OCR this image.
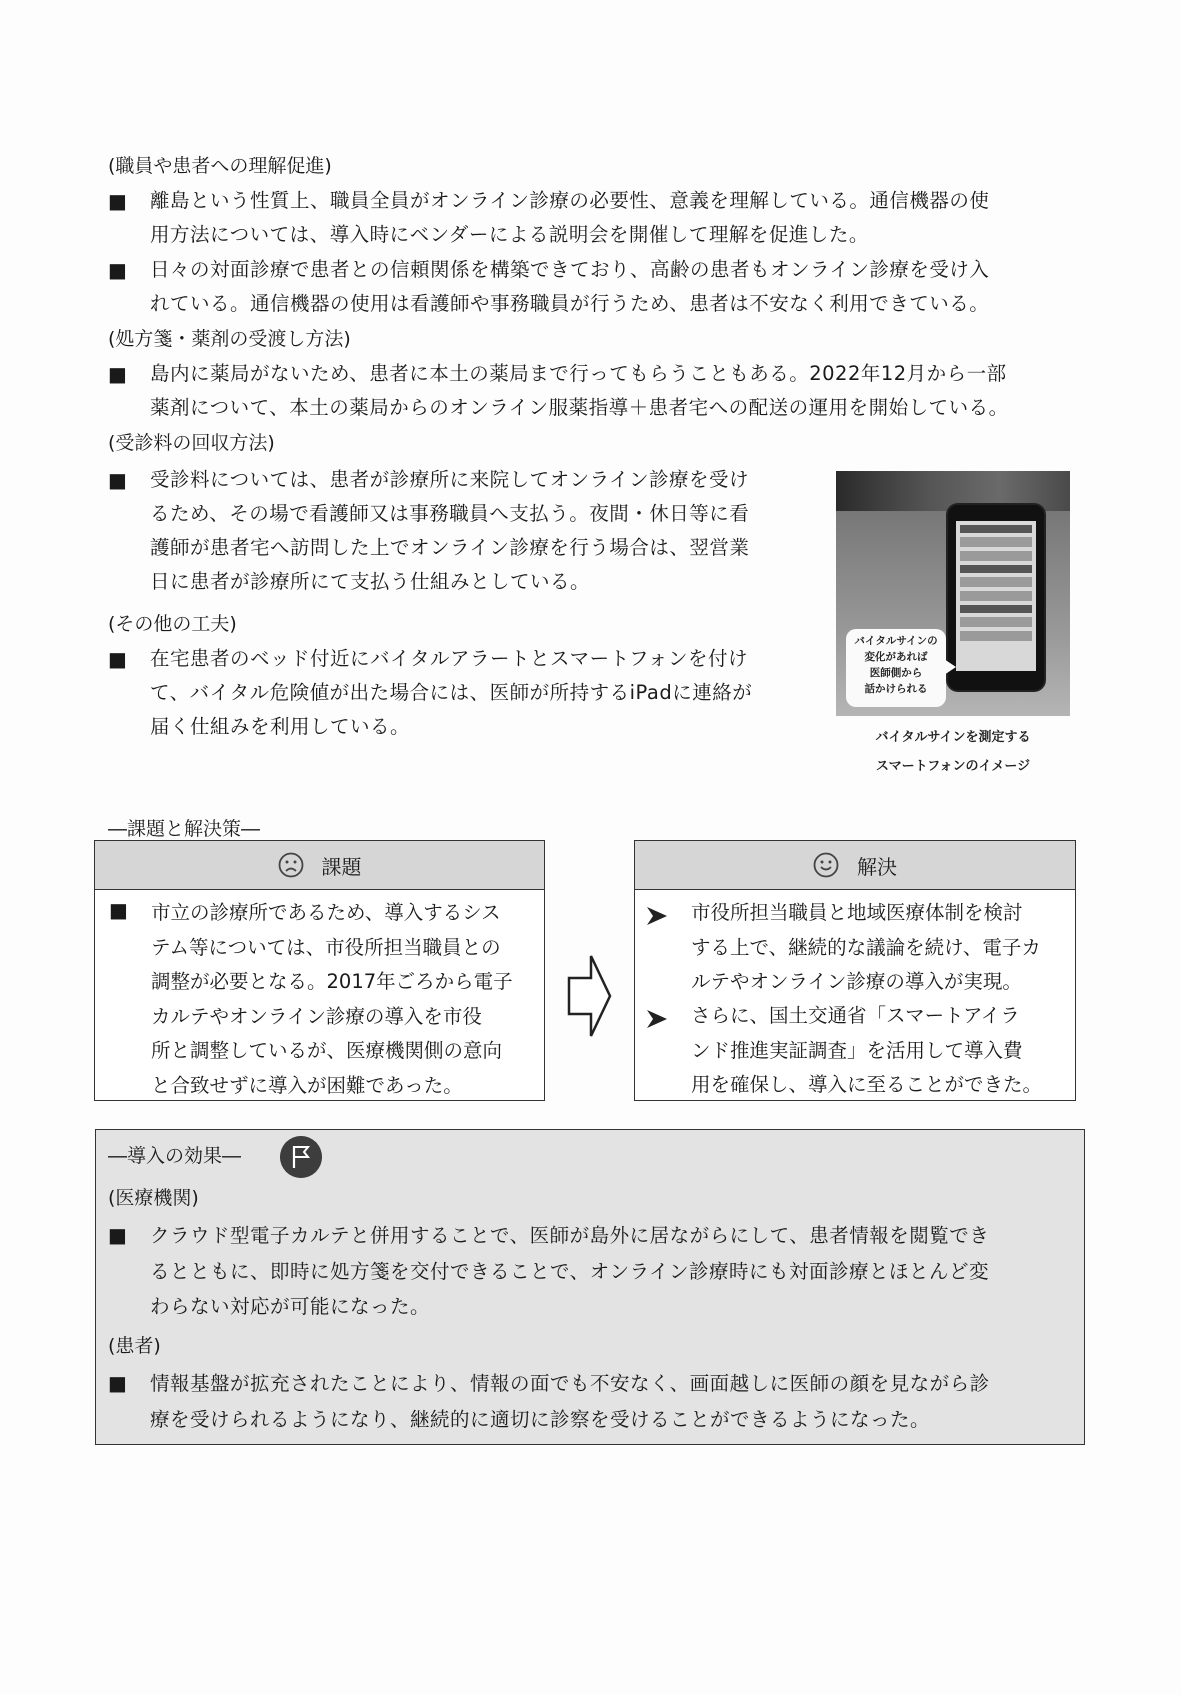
(職員や患者への理解促進)
■ 離島という性質上、職員全員がオンライン診療の必要性、意義を理解している。通信機器の使
用方法については、導入時にベンダーによる説明会を開催して理解を促進した。
■ 日々の対面診療で患者との信頼関係を構築できており、高齢の患者もオンライン診療を受け入
れている。通信機器の使用は看護師や事務職員が行うため、患者は不安なく利用できている。
(処方箋・薬剤の受渡し方法)
■ 島内に薬局がないため、患者に本土の薬局まで行ってもらうこともある。2022年12月から一部
薬剤について、本土の薬局からのオンライン服薬指導＋患者宅への配送の運用を開始している。
(受診料の回収方法)
■ 受診料については、患者が診療所に来院してオンライン診療を受け
るため、その場で看護師又は事務職員へ支払う。夜間・休日等に看
護師が患者宅へ訪問した上でオンライン診療を行う場合は、翌営業
日に患者が診療所にて支払う仕組みとしている。
(その他の工夫)
■ 在宅患者のベッド付近にバイタルアラートとスマートフォンを付け
て、バイタル危険値が出た場合には、医師が所持するiPadに連絡が
届く仕組みを利用している。
バイタルサインの
変化があれば
医師側から
話かけられる
バイタルサインを測定する
スマートフォンのイメージ
―課題と解決策―
課題
■ 市立の診療所であるため、導入するシス
テム等については、市役所担当職員との
調整が必要となる。2017年ごろから電子
カルテやオンライン診療の導入を市役
所と調整しているが、医療機関側の意向
と合致せずに導入が困難であった。
解決
市役所担当職員と地域医療体制を検討
する上で、継続的な議論を続け、電子カ
ルテやオンライン診療の導入が実現。
さらに、国土交通省「スマートアイラ
ンド推進実証調査」を活用して導入費
用を確保し、導入に至ることができた。
―導入の効果―
(医療機関)
■ クラウド型電子カルテと併用することで、医師が島外に居ながらにして、患者情報を閲覧でき
るとともに、即時に処方箋を交付できることで、オンライン診療時にも対面診療とほとんど変
わらない対応が可能になった。
(患者)
■ 情報基盤が拡充されたことにより、情報の面でも不安なく、画面越しに医師の顔を見ながら診
療を受けられるようになり、継続的に適切に診察を受けることができるようになった。
